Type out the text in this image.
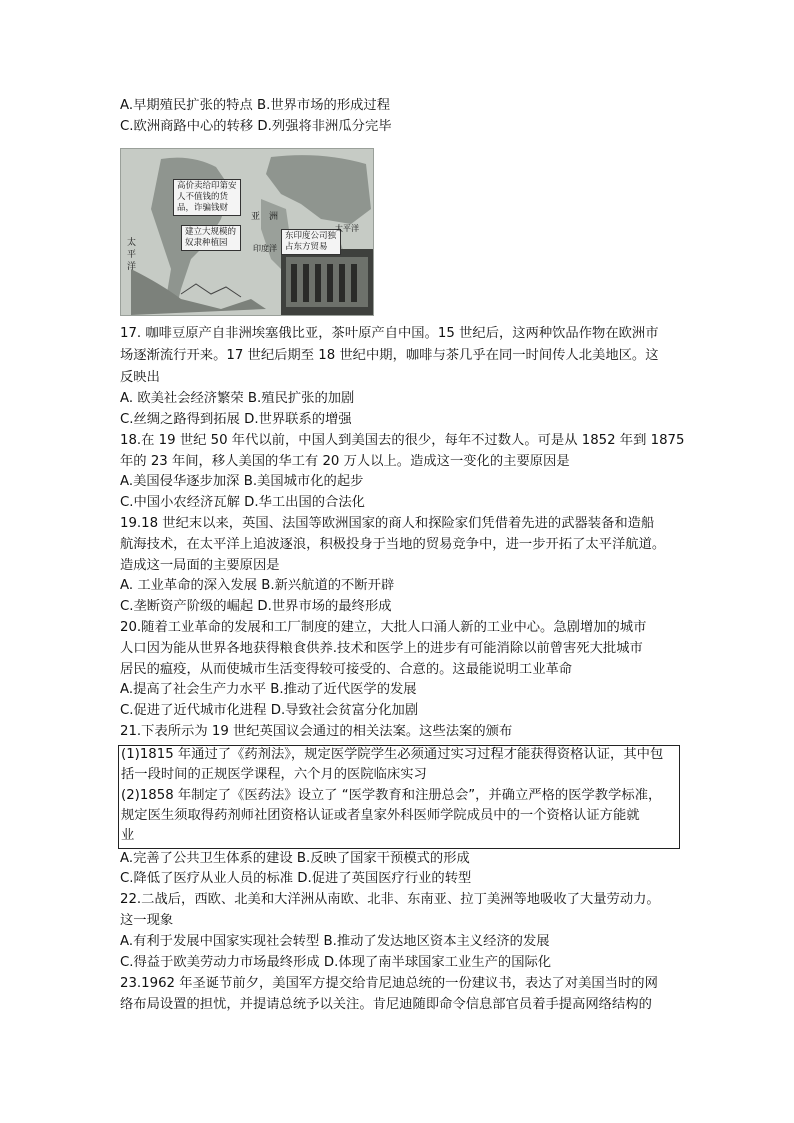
A.早期殖民扩张的特点 B.世界市场的形成过程
C.欧洲商路中心的转移 D.列强将非洲瓜分完毕
高价卖给印第安人不值钱的货品，诈骗钱财
建立大规模的奴隶种植园
东印度公司独占东方贸易
亚　洲
太平洋
太平洋
印度洋
17. 咖啡豆原产自非洲埃塞俄比亚，茶叶原产自中国。15 世纪后，这两种饮品作物在欧洲市
场逐渐流行开来。17 世纪后期至 18 世纪中期，咖啡与茶几乎在同一时间传人北美地区。这
反映出
A. 欧美社会经济繁荣 B.殖民扩张的加剧
C.丝绸之路得到拓展 D.世界联系的增强
18.在 19 世纪 50 年代以前，中国人到美国去的很少，每年不过数人。可是从 1852 年到 1875
年的 23 年间，移人美国的华工有 20 万人以上。造成这一变化的主要原因是
A.美国侵华逐步加深 B.美国城市化的起步
C.中国小农经济瓦解 D.华工出国的合法化
19.18 世纪末以来，英国、法国等欧洲国家的商人和探险家们凭借着先进的武器装备和造船
航海技术，在太平洋上追波逐浪，积极投身于当地的贸易竞争中，进一步开拓了太平洋航道。
造成这一局面的主要原因是
A. 工业革命的深入发展 B.新兴航道的不断开辟
C.垄断资产阶级的崛起 D.世界市场的最终形成
20.随着工业革命的发展和工厂制度的建立，大批人口涌人新的工业中心。急剧增加的城市
人口因为能从世界各地获得粮食供养.技术和医学上的进步有可能消除以前曾害死大批城市
居民的瘟疫，从而使城市生活变得较可接受的、合意的。这最能说明工业革命
A.提高了社会生产力水平 B.推动了近代医学的发展
C.促进了近代城市化进程 D.导致社会贫富分化加剧
21.下表所示为 19 世纪英国议会通过的相关法案。这些法案的颁布
(1)1815 年通过了《药剂法》，规定医学院学生必须通过实习过程才能获得资格认证，其中包
括一段时间的正规医学课程，六个月的医院临床实习
(2)1858 年制定了《医药法》设立了 “医学教育和注册总会”，并确立严格的医学教学标准，
规定医生须取得药剂师社团资格认证或者皇家外科医师学院成员中的一个资格认证方能就
业
A.完善了公共卫生体系的建设 B.反映了国家干预模式的形成
C.降低了医疗从业人员的标准 D.促进了英国医疗行业的转型
22.二战后，西欧、北美和大洋洲从南欧、北非、东南亚、拉丁美洲等地吸收了大量劳动力。
这一现象
A.有利于发展中国家实现社会转型 B.推动了发达地区资本主义经济的发展
C.得益于欧美劳动力市场最终形成 D.体现了南半球国家工业生产的国际化
23.1962 年圣诞节前夕，美国军方提交给肯尼迪总统的一份建议书，表达了对美国当时的网
络布局设置的担忧，并提请总统予以关注。肯尼迪随即命令信息部官员着手提高网络结构的
